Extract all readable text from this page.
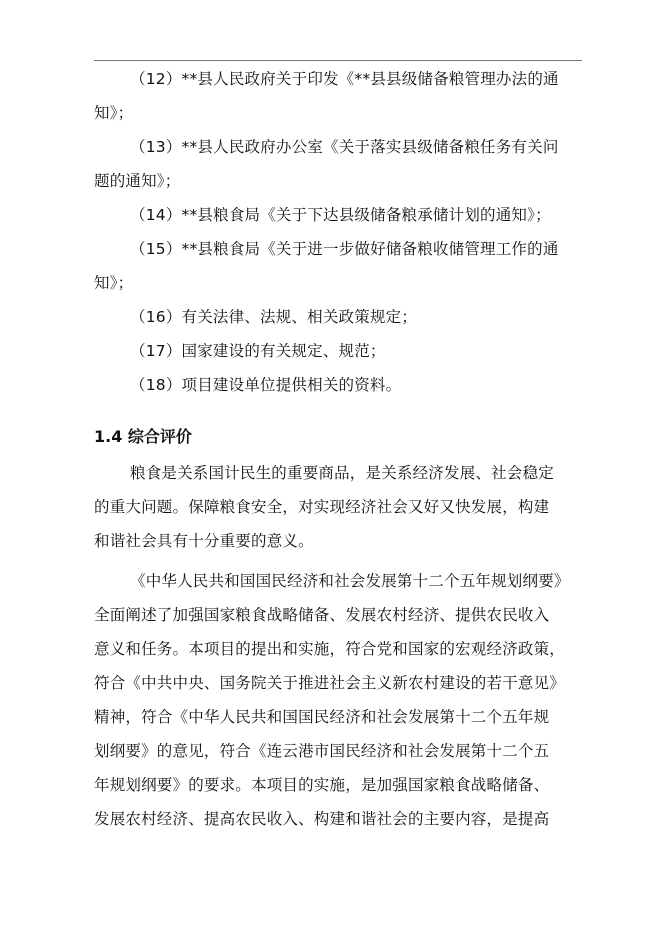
（12）**县人民政府关于印发《**县县级储备粮管理办法的通
知》；
（13）**县人民政府办公室《关于落实县级储备粮任务有关问
题的通知》；
（14）**县粮食局《关于下达县级储备粮承储计划的通知》；
（15）**县粮食局《关于进一步做好储备粮收储管理工作的通
知》；
（16）有关法律、法规、相关政策规定；
（17）国家建设的有关规定、规范；
（18）项目建设单位提供相关的资料。
1.4 综合评价
粮食是关系国计民生的重要商品，是关系经济发展、社会稳定
的重大问题。保障粮食安全，对实现经济社会又好又快发展，构建
和谐社会具有十分重要的意义。
《中华人民共和国国民经济和社会发展第十二个五年规划纲要》
全面阐述了加强国家粮食战略储备、发展农村经济、提供农民收入
意义和任务。本项目的提出和实施，符合党和国家的宏观经济政策，
符合《中共中央、国务院关于推进社会主义新农村建设的若干意见》
精神，符合《中华人民共和国国民经济和社会发展第十二个五年规
划纲要》的意见，符合《连云港市国民经济和社会发展第十二个五
年规划纲要》的要求。本项目的实施，是加强国家粮食战略储备、
发展农村经济、提高农民收入、构建和谐社会的主要内容，是提高
